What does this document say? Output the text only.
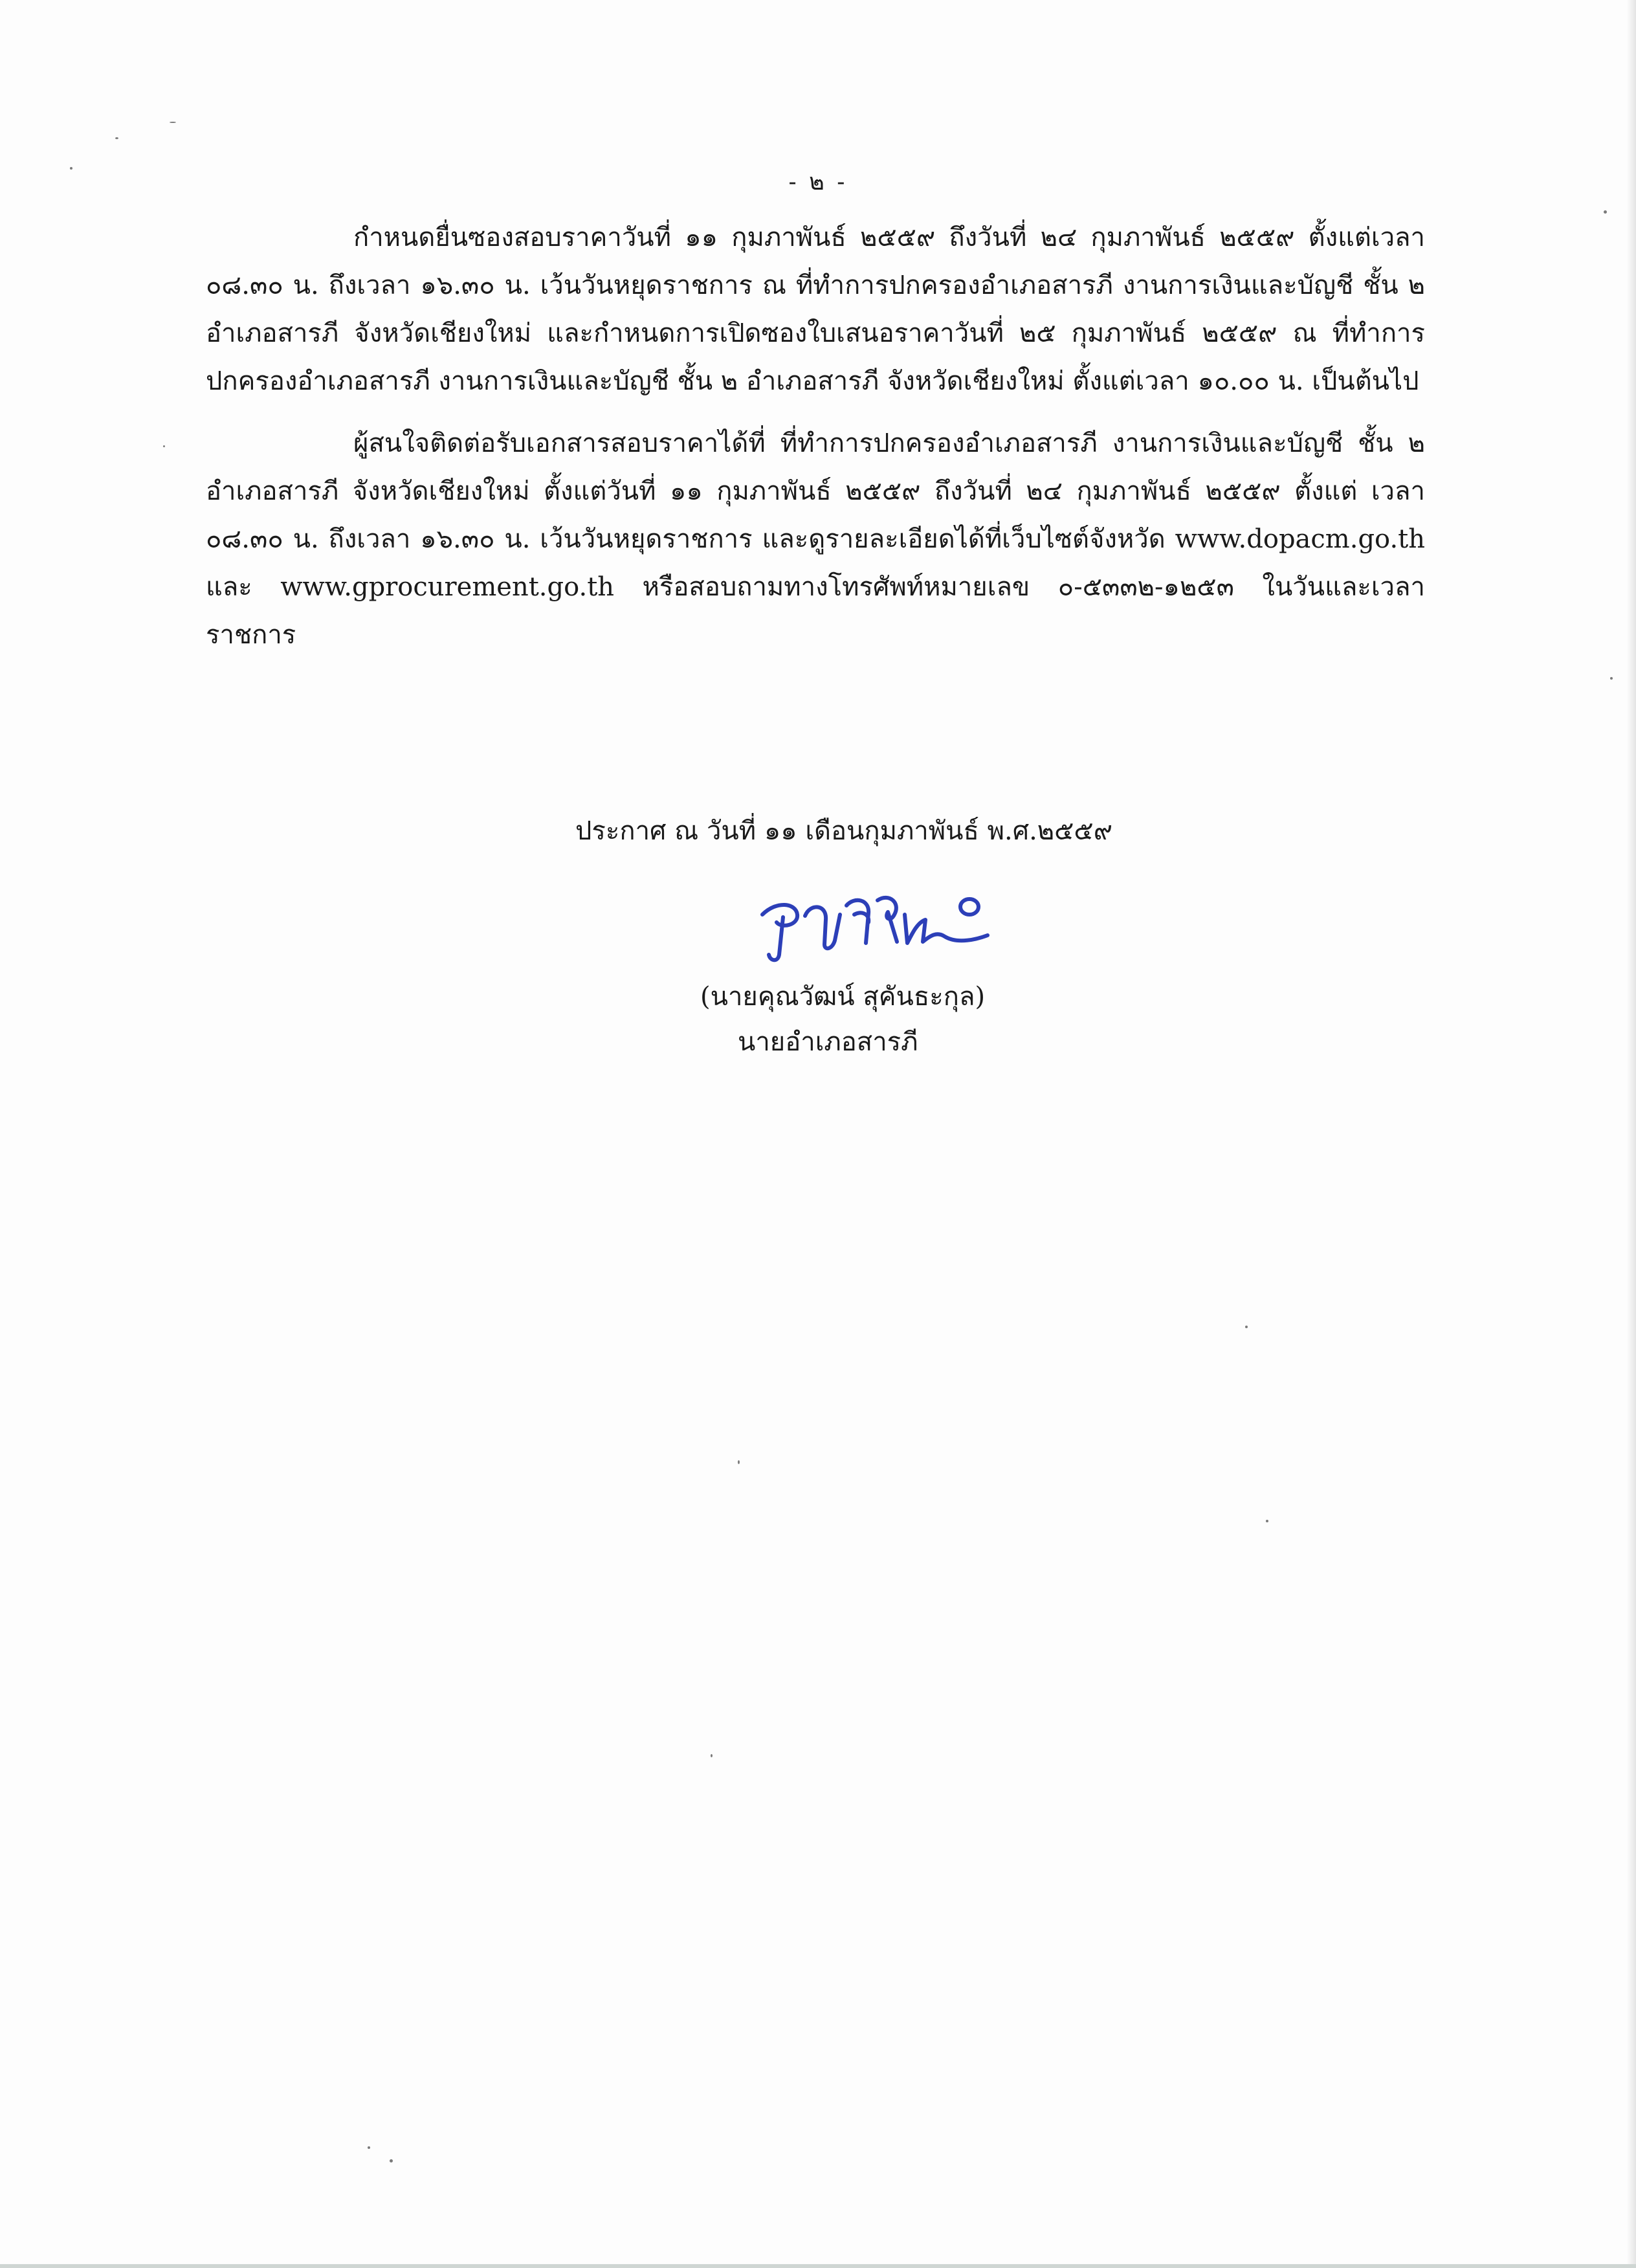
- ๒ -

กำหนดยื่นซองสอบราคาวันที่ ๑๑ กุมภาพันธ์ ๒๕๕๙ ถึงวันที่ ๒๔ กุมภาพันธ์ ๒๕๕๙ ตั้งแต่เวลา ๐๘.๓๐ น. ถึงเวลา ๑๖.๓๐ น. เว้นวันหยุดราชการ ณ ที่ทำการปกครองอำเภอสารภี งานการเงินและบัญชี ชั้น ๒ อำเภอสารภี จังหวัดเชียงใหม่ และกำหนดการเปิดซองใบเสนอราคาวันที่ ๒๕ กุมภาพันธ์ ๒๕๕๙ ณ ที่ทำการปกครองอำเภอสารภี งานการเงินและบัญชี ชั้น ๒ อำเภอสารภี จังหวัดเชียงใหม่ ตั้งแต่เวลา ๑๐.๐๐ น. เป็นต้นไป

ผู้สนใจติดต่อรับเอกสารสอบราคาได้ที่ ที่ทำการปกครองอำเภอสารภี งานการเงินและบัญชี ชั้น ๒ อำเภอสารภี จังหวัดเชียงใหม่ ตั้งแต่วันที่ ๑๑ กุมภาพันธ์ ๒๕๕๙ ถึงวันที่ ๒๔ กุมภาพันธ์ ๒๕๕๙ ตั้งแต่ เวลา ๐๘.๓๐ น. ถึงเวลา ๑๖.๓๐ น. เว้นวันหยุดราชการ และดูรายละเอียดได้ที่เว็บไซต์จังหวัด www.dopacm.go.th และ www.gprocurement.go.th หรือสอบถามทางโทรศัพท์หมายเลข ๐-๕๓๓๒-๑๒๕๓ ในวันและเวลาราชการ

ประกาศ ณ วันที่ ๑๑ เดือนกุมภาพันธ์ พ.ศ.๒๕๕๙
(นายคุณวัฒน์ สุคันธะกุล)
นายอำเภอสารภี
